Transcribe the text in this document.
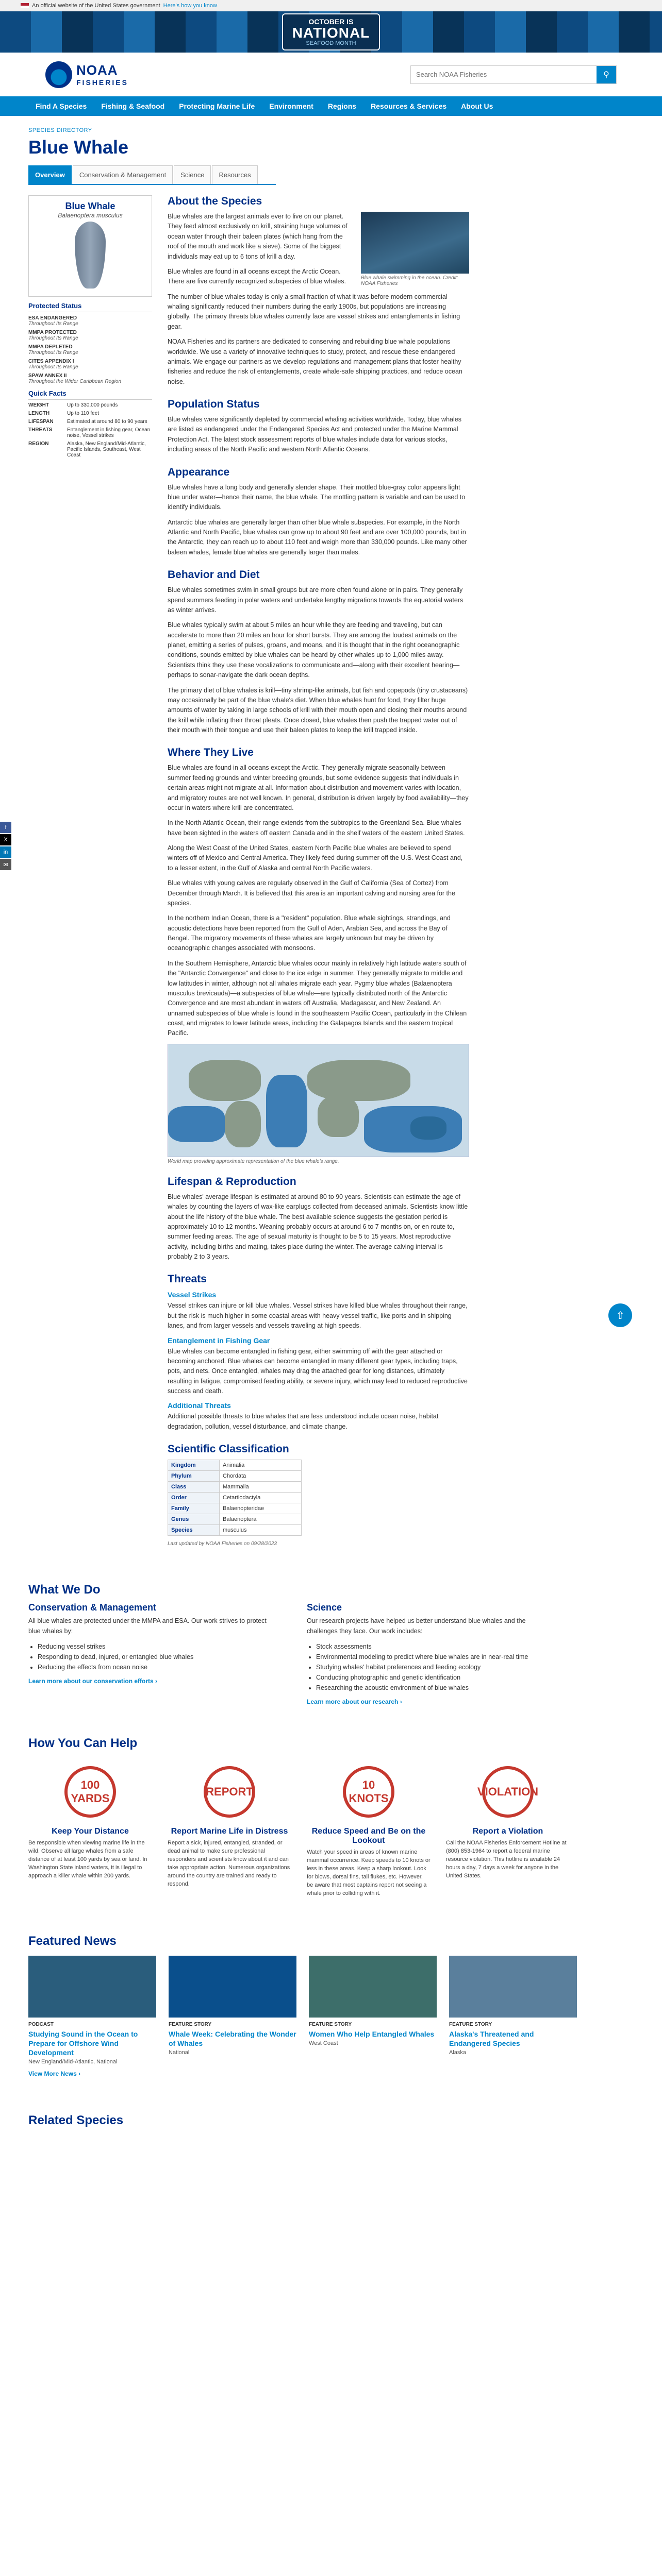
An official website of the United States government Here's how you know
OCTOBER IS
NATIONAL
SEAFOOD MONTH
NOAA
FISHERIES
Search NOAA Fisheries
⚲
Find A Species	Fishing & Seafood	Protecting Marine Life	Environment	Regions	Resources & Services	About Us
SPECIES DIRECTORY
Blue Whale
Overview	Conservation & Management	Science	Resources
Blue Whale
Balaenoptera musculus
Protected Status
ESA ENDANGERED
Throughout Its Range
MMPA PROTECTED
Throughout Its Range
MMPA DEPLETED
Throughout Its Range
CITES APPENDIX I
Throughout Its Range
SPAW ANNEX II
Throughout the Wider Caribbean Region
Quick Facts
WEIGHT	Up to 330,000 pounds
LENGTH	Up to 110 feet
LIFESPAN	Estimated at around 80 to 90 years
THREATS	Entanglement in fishing gear, Ocean noise, Vessel strikes
REGION	Alaska, New England/Mid-Atlantic, Pacific Islands, Southeast, West Coast
About the Species

Blue whales are the largest animals ever to live on our planet. They feed almost exclusively on krill, straining huge volumes of ocean water through their baleen plates (which hang from the roof of the mouth and work like a sieve). Some of the biggest individuals may eat up to 6 tons of krill a day.

Blue whales are found in all oceans except the Arctic Ocean. There are five currently recognized subspecies of blue whales.	Blue whale swimming in the ocean. Credit: NOAA Fisheries

The number of blue whales today is only a small fraction of what it was before modern commercial whaling significantly reduced their numbers during the early 1900s, but populations are increasing globally. The primary threats blue whales currently face are vessel strikes and entanglements in fishing gear.

NOAA Fisheries and its partners are dedicated to conserving and rebuilding blue whale populations worldwide. We use a variety of innovative techniques to study, protect, and rescue these endangered animals. We engage our partners as we develop regulations and management plans that foster healthy fisheries and reduce the risk of entanglements, create whale-safe shipping practices, and reduce ocean noise.

Population Status

Blue whales were significantly depleted by commercial whaling activities worldwide. Today, blue whales are listed as endangered under the Endangered Species Act and protected under the Marine Mammal Protection Act. The latest stock assessment reports of blue whales include data for various stocks, including areas of the North Pacific and western North Atlantic Oceans.

Appearance

Blue whales have a long body and generally slender shape. Their mottled blue-gray color appears light blue under water—hence their name, the blue whale. The mottling pattern is variable and can be used to identify individuals.

Antarctic blue whales are generally larger than other blue whale subspecies. For example, in the North Atlantic and North Pacific, blue whales can grow up to about 90 feet and are over 100,000 pounds, but in the Antarctic, they can reach up to about 110 feet and weigh more than 330,000 pounds. Like many other baleen whales, female blue whales are generally larger than males.

Behavior and Diet

Blue whales sometimes swim in small groups but are more often found alone or in pairs. They generally spend summers feeding in polar waters and undertake lengthy migrations towards the equatorial waters as winter arrives.

Blue whales typically swim at about 5 miles an hour while they are feeding and traveling, but can accelerate to more than 20 miles an hour for short bursts. They are among the loudest animals on the planet, emitting a series of pulses, groans, and moans, and it is thought that in the right oceanographic conditions, sounds emitted by blue whales can be heard by other whales up to 1,000 miles away. Scientists think they use these vocalizations to communicate and—along with their excellent hearing—perhaps to sonar-navigate the dark ocean depths.

The primary diet of blue whales is krill—tiny shrimp-like animals, but fish and copepods (tiny crustaceans) may occasionally be part of the blue whale's diet. When blue whales hunt for food, they filter huge amounts of water by taking in large schools of krill with their mouth open and closing their mouths around the krill while inflating their throat pleats. Once closed, blue whales then push the trapped water out of their mouth with their tongue and use their baleen plates to keep the krill trapped inside.

Where They Live

Blue whales are found in all oceans except the Arctic. They generally migrate seasonally between summer feeding grounds and winter breeding grounds, but some evidence suggests that individuals in certain areas might not migrate at all. Information about distribution and movement varies with location, and migratory routes are not well known. In general, distribution is driven largely by food availability—they occur in waters where krill are concentrated.

In the North Atlantic Ocean, their range extends from the subtropics to the Greenland Sea. Blue whales have been sighted in the waters off eastern Canada and in the shelf waters of the eastern United States.

Along the West Coast of the United States, eastern North Pacific blue whales are believed to spend winters off of Mexico and Central America. They likely feed during summer off the U.S. West Coast and, to a lesser extent, in the Gulf of Alaska and central North Pacific waters.

Blue whales with young calves are regularly observed in the Gulf of California (Sea of Cortez) from December through March. It is believed that this area is an important calving and nursing area for the species.

In the northern Indian Ocean, there is a "resident" population. Blue whale sightings, strandings, and acoustic detections have been reported from the Gulf of Aden, Arabian Sea, and across the Bay of Bengal. The migratory movements of these whales are largely unknown but may be driven by oceanographic changes associated with monsoons.

In the Southern Hemisphere, Antarctic blue whales occur mainly in relatively high latitude waters south of the "Antarctic Convergence" and close to the ice edge in summer. They generally migrate to middle and low latitudes in winter, although not all whales migrate each year. Pygmy blue whales (Balaenoptera musculus brevicauda)—a subspecies of blue whale—are typically distributed north of the Antarctic Convergence and are most abundant in waters off Australia, Madagascar, and New Zealand. An unnamed subspecies of blue whale is found in the southeastern Pacific Ocean, particularly in the Chilean coast, and migrates to lower latitude areas, including the Galapagos Islands and the eastern tropical Pacific.

World map providing approximate representation of the blue whale's range.
Lifespan & Reproduction

Blue whales' average lifespan is estimated at around 80 to 90 years. Scientists can estimate the age of whales by counting the layers of wax-like earplugs collected from deceased animals. Scientists know little about the life history of the blue whale. The best available science suggests the gestation period is approximately 10 to 12 months. Weaning probably occurs at around 6 to 7 months on, or en route to, summer feeding areas. The age of sexual maturity is thought to be 5 to 15 years. Most reproductive activity, including births and mating, takes place during the winter. The average calving interval is probably 2 to 3 years.

Threats
Vessel Strikes

Vessel strikes can injure or kill blue whales. Vessel strikes have killed blue whales throughout their range, but the risk is much higher in some coastal areas with heavy vessel traffic, like ports and in shipping lanes, and from larger vessels and vessels traveling at high speeds.

Entanglement in Fishing Gear

Blue whales can become entangled in fishing gear, either swimming off with the gear attached or becoming anchored. Blue whales can become entangled in many different gear types, including traps, pots, and nets. Once entangled, whales may drag the attached gear for long distances, ultimately resulting in fatigue, compromised feeding ability, or severe injury, which may lead to reduced reproductive success and death.

Additional Threats

Additional possible threats to blue whales that are less understood include ocean noise, habitat degradation, pollution, vessel disturbance, and climate change.

Scientific Classification
Kingdom	Animalia
Phylum	Chordata
Class	Mammalia
Order	Cetartiodactyla
Family	Balaenopteridae
Genus	Balaenoptera
Species	musculus
Last updated by NOAA Fisheries on 09/28/2023
What We Do
Conservation & Management

All blue whales are protected under the MMPA and ESA. Our work strives to protect blue whales by:

• Reducing vessel strikes
• Responding to dead, injured, or entangled blue whales
• Reducing the effects from ocean noise
Learn more about our conservation efforts ›
Science

Our research projects have helped us better understand blue whales and the challenges they face. Our work includes:

• Stock assessments
• Environmental modeling to predict where blue whales are in near-real time
• Studying whales' habitat preferences and feeding ecology
• Conducting photographic and genetic identification
• Researching the acoustic environment of blue whales
Learn more about our research ›
How You Can Help
100 YARDS
Keep Your Distance

Be responsible when viewing marine life in the wild. Observe all large whales from a safe distance of at least 100 yards by sea or land. In Washington State inland waters, it is illegal to approach a killer whale within 200 yards.

REPORT
Report Marine Life in Distress

Report a sick, injured, entangled, stranded, or dead animal to make sure professional responders and scientists know about it and can take appropriate action. Numerous organizations around the country are trained and ready to respond.

10 KNOTS
Reduce Speed and Be on the Lookout

Watch your speed in areas of known marine mammal occurrence. Keep speeds to 10 knots or less in these areas. Keep a sharp lookout. Look for blows, dorsal fins, tail flukes, etc. However, be aware that most captains report not seeing a whale prior to colliding with it.

VIOLATION
Report a Violation

Call the NOAA Fisheries Enforcement Hotline at (800) 853-1964 to report a federal marine resource violation. This hotline is available 24 hours a day, 7 days a week for anyone in the United States.

Featured News
PODCAST
Studying Sound in the Ocean to Prepare for Offshore Wind Development
New England/Mid-Atlantic, National
FEATURE STORY
Whale Week: Celebrating the Wonder of Whales
National
FEATURE STORY
Women Who Help Entangled Whales
West Coast
FEATURE STORY
Alaska's Threatened and Endangered Species
Alaska
View More News ›
Related Species
f
X
in
✉
⇧
